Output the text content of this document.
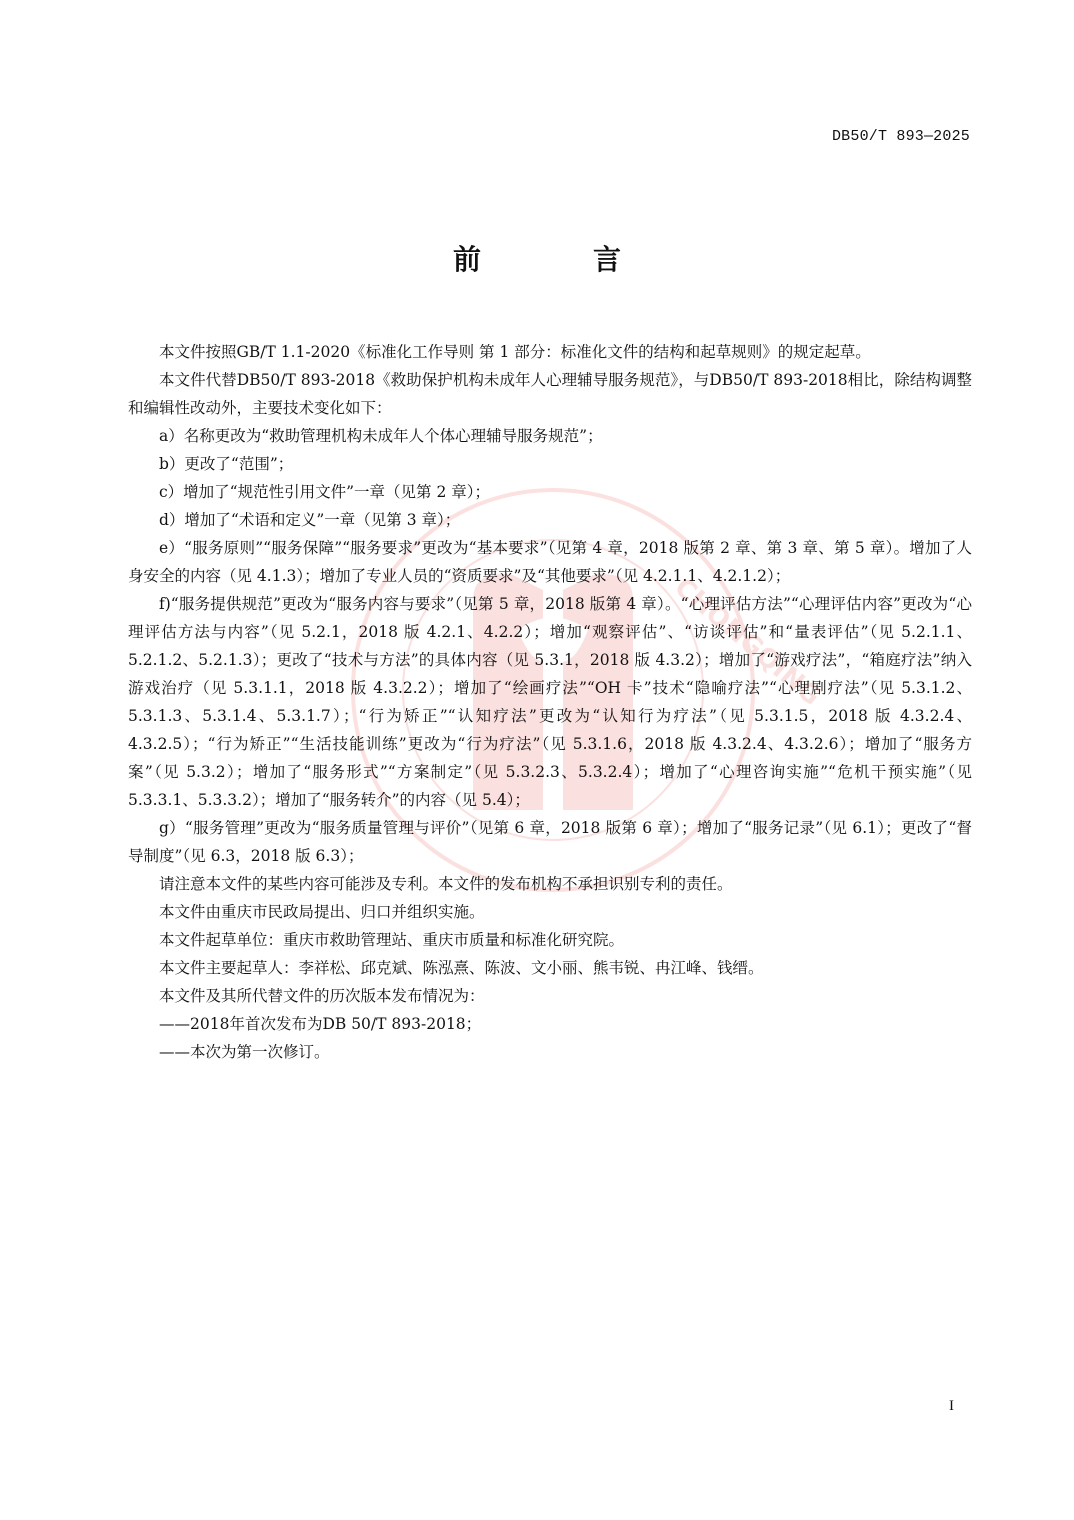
DB50/T 893—2025
前　言
CHONGQING

本文件按照GB/T 1.1-2020《标准化工作导则 第 1 部分：标准化文件的结构和起草规则》的规定起草。

本文件代替DB50/T 893-2018《救助保护机构未成年人心理辅导服务规范》，与DB50/T 893-2018相比，除结构调整和编辑性改动外，主要技术变化如下：

a）名称更改为“救助管理机构未成年人个体心理辅导服务规范”；

b）更改了“范围”；

c）增加了“规范性引用文件”一章（见第 2 章）；

d）增加了“术语和定义”一章（见第 3 章）；

e）“服务原则”“服务保障”“服务要求”更改为“基本要求”（见第 4 章，2018 版第 2 章、第 3 章、第 5 章）。增加了人身安全的内容（见 4.1.3）；增加了专业人员的“资质要求”及“其他要求”（见 4.2.1.1、4.2.1.2）；

f)“服务提供规范”更改为“服务内容与要求”（见第 5 章，2018 版第 4 章）。“心理评估方法”“心理评估内容”更改为“心理评估方法与内容”（见 5.2.1，2018 版 4.2.1、4.2.2）；增加“观察评估”、“访谈评估”和“量表评估”（见 5.2.1.1、5.2.1.2、5.2.1.3）；更改了“技术与方法”的具体内容（见 5.3.1，2018 版 4.3.2）；增加了“游戏疗法”，“箱庭疗法”纳入游戏治疗（见 5.3.1.1，2018 版 4.3.2.2）；增加了“绘画疗法”“OH 卡”技术“隐喻疗法”“心理剧疗法”（见 5.3.1.2、5.3.1.3、5.3.1.4、5.3.1.7）；“行为矫正”“认知疗法”更改为“认知行为疗法”（见 5.3.1.5，2018 版 4.3.2.4、4.3.2.5）；“行为矫正”“生活技能训练”更改为“行为疗法”（见 5.3.1.6，2018 版 4.3.2.4、4.3.2.6）；增加了“服务方案”（见 5.3.2）；增加了“服务形式”“方案制定”（见 5.3.2.3、5.3.2.4）；增加了“心理咨询实施”“危机干预实施”（见 5.3.3.1、5.3.3.2）；增加了“服务转介”的内容（见 5.4）；

g）“服务管理”更改为“服务质量管理与评价”（见第 6 章，2018 版第 6 章）；增加了“服务记录”（见 6.1）；更改了“督导制度”（见 6.3，2018 版 6.3）；

请注意本文件的某些内容可能涉及专利。本文件的发布机构不承担识别专利的责任。

本文件由重庆市民政局提出、归口并组织实施。

本文件起草单位：重庆市救助管理站、重庆市质量和标准化研究院。

本文件主要起草人：李祥松、邱克斌、陈泓熹、陈波、文小丽、熊韦锐、冉江峰、钱缙。

本文件及其所代替文件的历次版本发布情况为：

——2018年首次发布为DB 50/T 893-2018；

——本次为第一次修订。

I
